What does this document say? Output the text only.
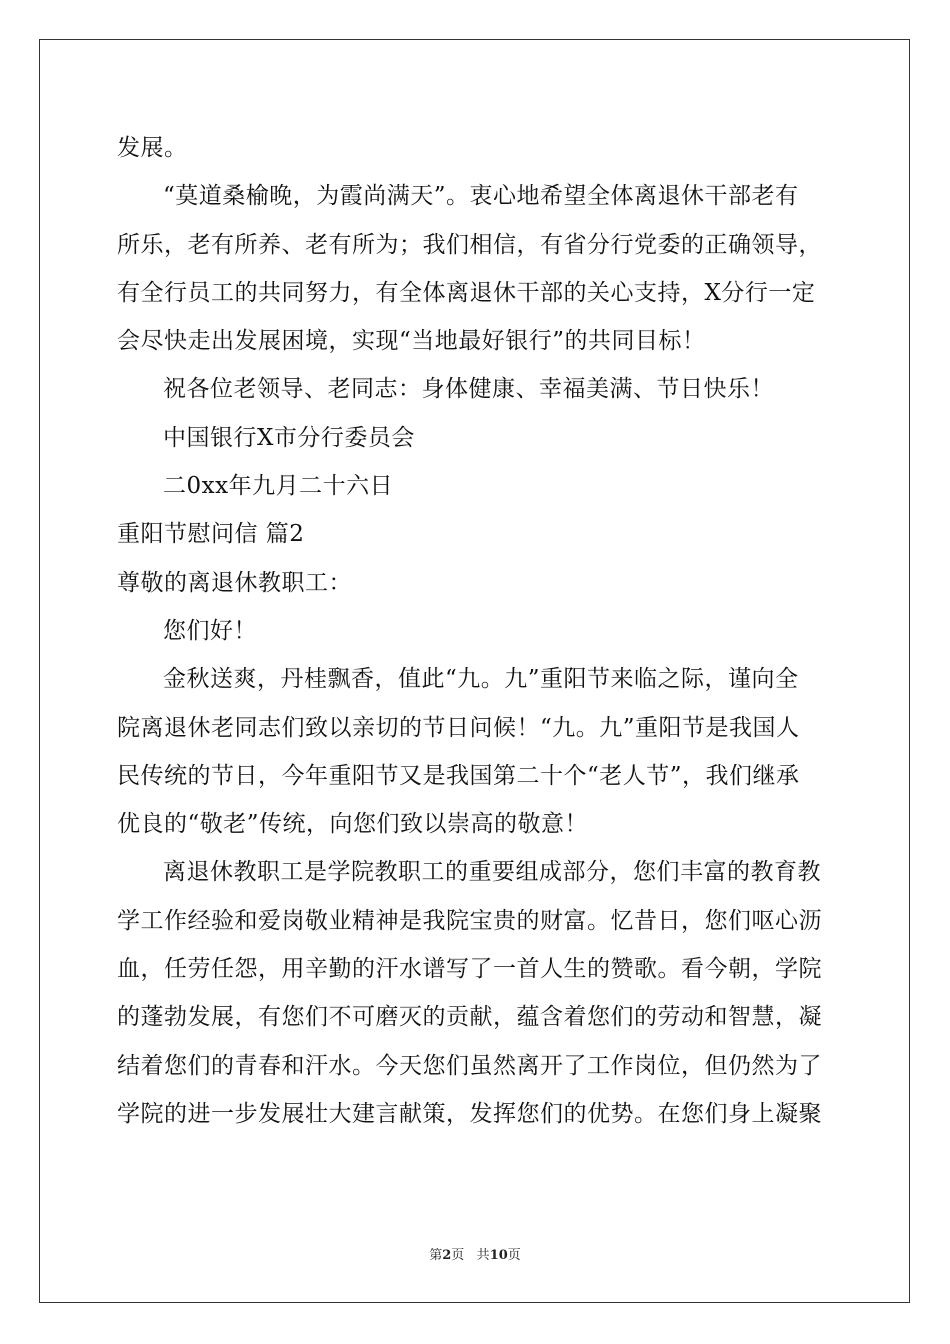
发展。
“莫道桑榆晚，为霞尚满天”。衷心地希望全体离退休干部老有
所乐，老有所养、老有所为；我们相信，有省分行党委的正确领导，
有全行员工的共同努力，有全体离退休干部的关心支持，X分行一定
会尽快走出发展困境，实现“当地最好银行”的共同目标！
祝各位老领导、老同志：身体健康、幸福美满、节日快乐！
中国银行X市分行委员会
二0xx年九月二十六日
重阳节慰问信 篇2
尊敬的离退休教职工：
您们好！
金秋送爽，丹桂飘香，值此“九。九”重阳节来临之际，谨向全
院离退休老同志们致以亲切的节日问候！“九。九”重阳节是我国人
民传统的节日，今年重阳节又是我国第二十个“老人节”，我们继承
优良的“敬老”传统，向您们致以崇高的敬意！
离退休教职工是学院教职工的重要组成部分，您们丰富的教育教
学工作经验和爱岗敬业精神是我院宝贵的财富。忆昔日，您们呕心沥
血，任劳任怨，用辛勤的汗水谱写了一首人生的赞歌。看今朝，学院
的蓬勃发展，有您们不可磨灭的贡献，蕴含着您们的劳动和智慧，凝
结着您们的青春和汗水。今天您们虽然离开了工作岗位，但仍然为了
学院的进一步发展壮大建言献策，发挥您们的优势。在您们身上凝聚
第2页 共10页
